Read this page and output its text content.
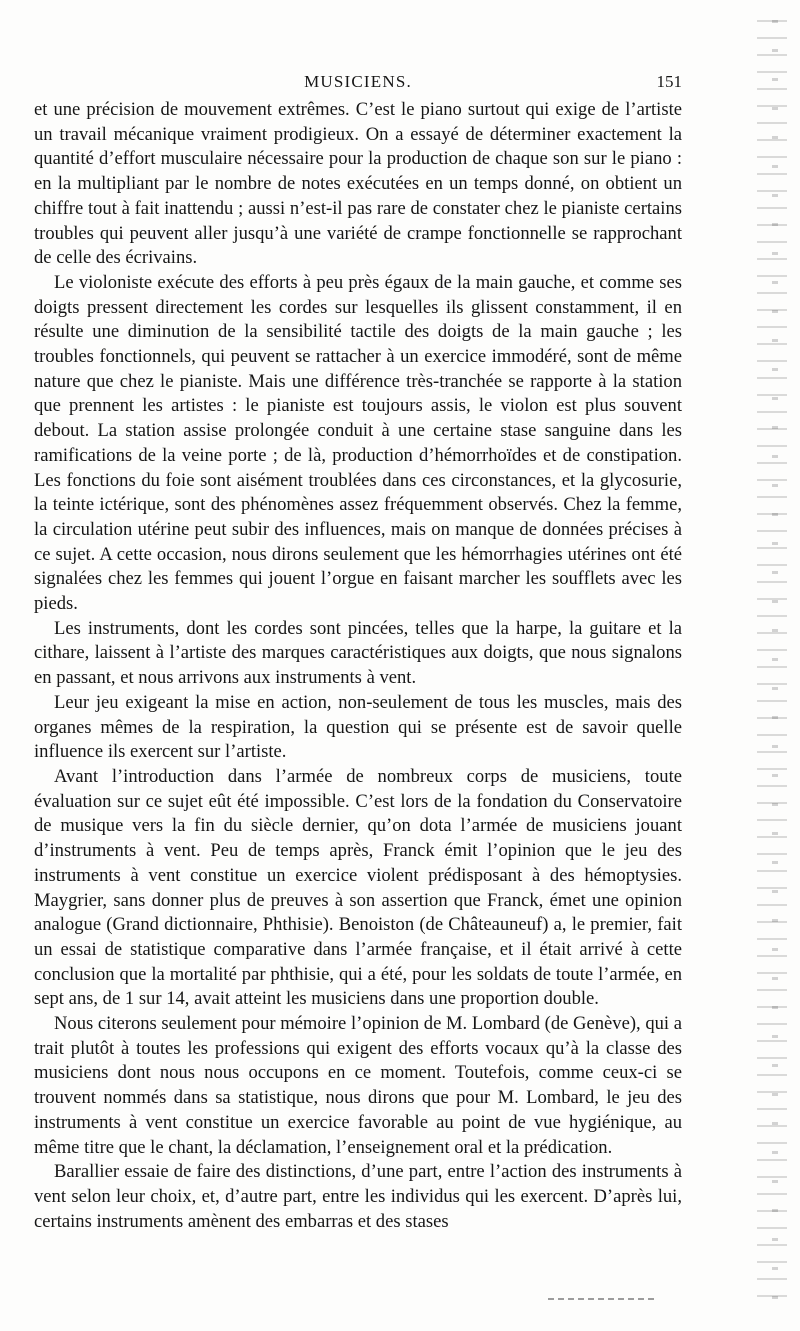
MUSICIENS.	151

et une précision de mouvement extrêmes. C’est le piano surtout qui exige de l’artiste un travail mécanique vraiment prodigieux. On a essayé de déterminer exactement la quantité d’effort musculaire nécessaire pour la production de chaque son sur le piano : en la multipliant par le nombre de notes exécutées en un temps donné, on obtient un chiffre tout à fait inattendu ; aussi n’est-il pas rare de constater chez le pianiste certains troubles qui peuvent aller jusqu’à une variété de crampe fonctionnelle se rapprochant de celle des écrivains.

Le violoniste exécute des efforts à peu près égaux de la main gauche, et comme ses doigts pressent directement les cordes sur lesquelles ils glissent constamment, il en résulte une diminution de la sensibilité tactile des doigts de la main gauche ; les troubles fonctionnels, qui peuvent se rattacher à un exercice immodéré, sont de même nature que chez le pianiste. Mais une différence très-tranchée se rapporte à la station que prennent les artistes : le pianiste est toujours assis, le violon est plus souvent debout. La station assise prolongée conduit à une certaine stase sanguine dans les ramifications de la veine porte ; de là, production d’hémorrhoïdes et de constipation. Les fonctions du foie sont aisément troublées dans ces circonstances, et la glycosurie, la teinte ictérique, sont des phénomènes assez fréquemment observés. Chez la femme, la circulation utérine peut subir des influences, mais on manque de données précises à ce sujet. A cette occasion, nous dirons seulement que les hémorrhagies utérines ont été signalées chez les femmes qui jouent l’orgue en faisant marcher les soufflets avec les pieds.

Les instruments, dont les cordes sont pincées, telles que la harpe, la guitare et la cithare, laissent à l’artiste des marques caractéristiques aux doigts, que nous signalons en passant, et nous arrivons aux instruments à vent.

Leur jeu exigeant la mise en action, non-seulement de tous les muscles, mais des organes mêmes de la respiration, la question qui se présente est de savoir quelle influence ils exercent sur l’artiste.

Avant l’introduction dans l’armée de nombreux corps de musiciens, toute évaluation sur ce sujet eût été impossible. C’est lors de la fondation du Conservatoire de musique vers la fin du siècle dernier, qu’on dota l’armée de musiciens jouant d’instruments à vent. Peu de temps après, Franck émit l’opinion que le jeu des instruments à vent constitue un exercice violent prédisposant à des hémoptysies. Maygrier, sans donner plus de preuves à son assertion que Franck, émet une opinion analogue (Grand dictionnaire, Phthisie). Benoiston (de Châteauneuf) a, le premier, fait un essai de statistique comparative dans l’armée française, et il était arrivé à cette conclusion que la mortalité par phthisie, qui a été, pour les soldats de toute l’armée, en sept ans, de 1 sur 14, avait atteint les musiciens dans une proportion double.

Nous citerons seulement pour mémoire l’opinion de M. Lombard (de Genève), qui a trait plutôt à toutes les professions qui exigent des efforts vocaux qu’à la classe des musiciens dont nous nous occupons en ce moment. Toutefois, comme ceux-ci se trouvent nommés dans sa statistique, nous dirons que pour M. Lombard, le jeu des instruments à vent constitue un exercice favorable au point de vue hygiénique, au même titre que le chant, la déclamation, l’enseignement oral et la prédication.

Barallier essaie de faire des distinctions, d’une part, entre l’action des instruments à vent selon leur choix, et, d’autre part, entre les individus qui les exercent. D’après lui, certains instruments amènent des embarras et des stases
